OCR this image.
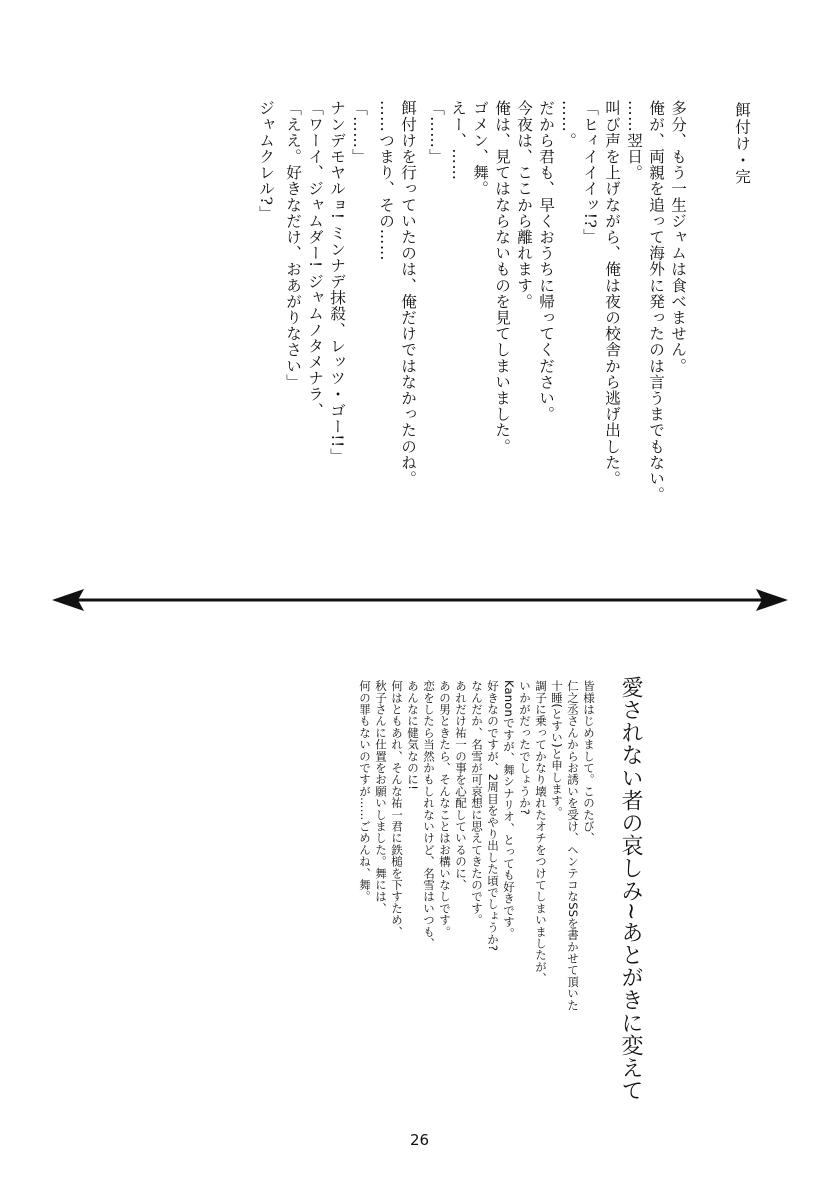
ジャムクレル?」 「ええ。好きなだけ、おあがりなさい」 「ワーイ、ジャムダー! ジャムノタメナラ、 ナンデモヤルョ! ミンナデ抹殺、レッツ・ゴー!!」 「……」 ……つまり、その…… 餌付けを行っていたのは、俺だけではなかったのね。 「……」 えー、…… ゴメン、舞。 俺は、見てはならないものを見てしまいました。 今夜は、ここから離れます。 だから君も、早くおうちに帰ってください。 ……。 「ヒィイイイッ!?」 叫び声を上げながら、俺は夜の校舎から逃げ出した。 ……翌日。 俺が、両親を追って海外に発ったのは言うまでもない。 多分、もう一生ジャムは食べません。	餌付け・完
愛されない者の哀しみ~あとがきに変えて
皆様はじめまして。このたび、
仁之丞さんからお誘いを受け、ヘンテコなSSを書かせて頂いた
十睡(とすい)と申します。
調子に乗ってかなり壊れたオチをつけてしまいましたが、
いかがだったでしょうか?
Kanonですが、舞シナリオ、とっても好きです。
好きなのですが、2周目をやり出した頃でしょうか?
なんだか、名雪が可哀想に思えてきたのです。
あれだけ祐一の事を心配しているのに、
あの男ときたら、そんなことはお構いなしです。
恋をしたら当然かもしれないけど、名雪はいつも、
あんなに健気なのに!
何はともあれ、そんな祐一君に鉄槌を下すため、
秋子さんに仕置をお願いしました。舞には、
何の罪もないのですが……ごめんね、舞。
26
